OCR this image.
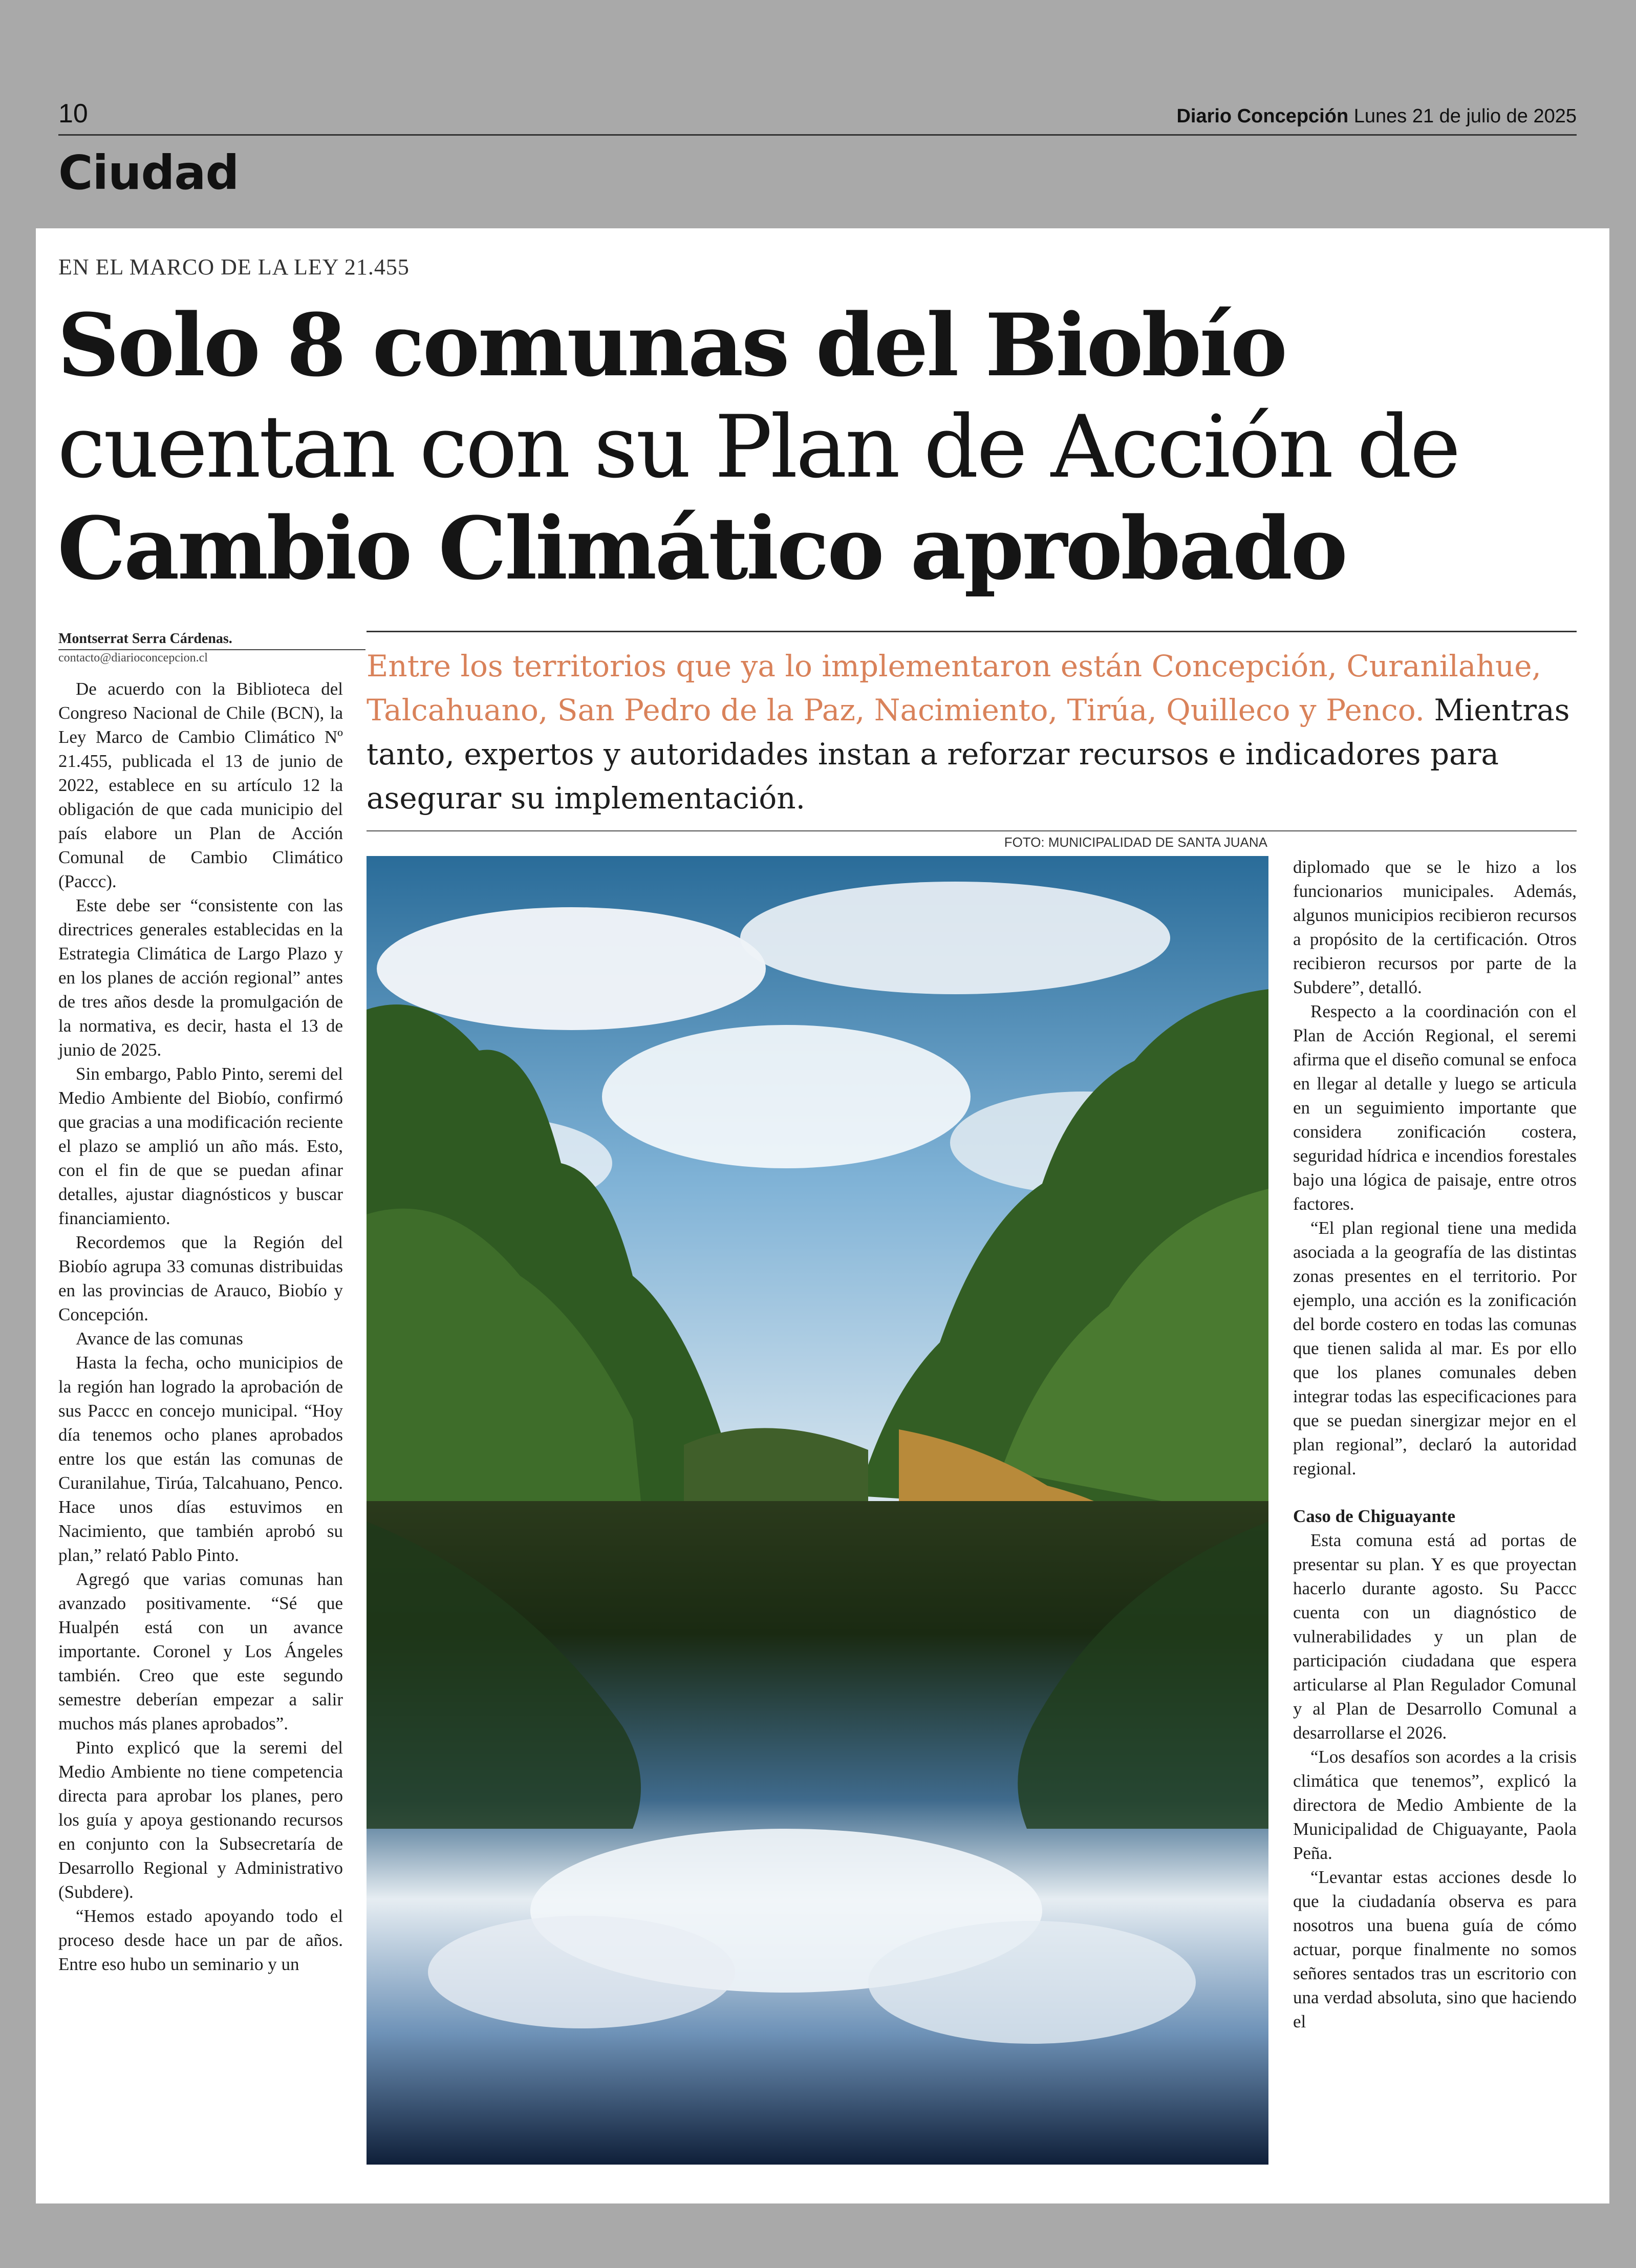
10	Diario Concepción Lunes 21 de julio de 2025
Ciudad
EN EL MARCO DE LA LEY 21.455
Solo 8 comunas del Biobío cuentan con su Plan de Acción de Cambio Climático aprobado
Montserrat Serra Cárdenas.
contacto@diarioconcepcion.cl	Entre los territorios que ya lo implementaron están Concepción, Curanilahue, Talcahuano, San Pedro de la Paz, Nacimiento, Tirúa, Quilleco y Penco. Mientras tanto, expertos y autoridades instan a reforzar recursos e indicadores para asegurar su implementación.
FOTO: MUNICIPALIDAD DE SANTA JUANA

De acuerdo con la Biblioteca del Congreso Nacional de Chile (BCN), la Ley Marco de Cambio Climático Nº 21.455, publicada el 13 de junio de 2022, establece en su artículo 12 la obligación de que cada municipio del país elabore un Plan de Acción Comunal de Cambio Climático (Paccc).

Este debe ser “consistente con las directrices generales establecidas en la Estrategia Climática de Largo Plazo y en los planes de acción regional” antes de tres años desde la promulgación de la normativa, es decir, hasta el 13 de junio de 2025.

Sin embargo, Pablo Pinto, seremi del Medio Ambiente del Biobío, confirmó que gracias a una modificación reciente el plazo se amplió un año más. Esto, con el fin de que se puedan afinar detalles, ajustar diagnósticos y buscar financiamiento.

Recordemos que la Región del Biobío agrupa 33 comunas distribuidas en las provincias de Arauco, Biobío y Concepción.

Avance de las comunas

Hasta la fecha, ocho municipios de la región han logrado la aprobación de sus Paccc en concejo municipal. “Hoy día tenemos ocho planes aprobados entre los que están las comunas de Curanilahue, Tirúa, Talcahuano, Penco. Hace unos días estuvimos en Nacimiento, que también aprobó su plan,” relató Pablo Pinto.

Agregó que varias comunas han avanzado positivamente. “Sé que Hualpén está con un avance importante. Coronel y Los Ángeles también. Creo que este segundo semestre deberían empezar a salir muchos más planes aprobados”.

Pinto explicó que la seremi del Medio Ambiente no tiene competencia directa para aprobar los planes, pero los guía y apoya gestionando recursos en conjunto con la Subsecretaría de Desarrollo Regional y Administrativo (Subdere).

“Hemos estado apoyando todo el proceso desde hace un par de años. Entre eso hubo un seminario y un

diplomado que se le hizo a los funcionarios municipales. Además, algunos municipios recibieron recursos a propósito de la certificación. Otros recibieron recursos por parte de la Subdere”, detalló.

Respecto a la coordinación con el Plan de Acción Regional, el seremi afirma que el diseño comunal se enfoca en llegar al detalle y luego se articula en un seguimiento importante que considera zonificación costera, seguridad hídrica e incendios forestales bajo una lógica de paisaje, entre otros factores.

“El plan regional tiene una medida asociada a la geografía de las distintas zonas presentes en el territorio. Por ejemplo, una acción es la zonificación del borde costero en todas las comunas que tienen salida al mar. Es por ello que los planes comunales deben integrar todas las especificaciones para que se puedan sinergizar mejor en el plan regional”, declaró la autoridad regional.

Caso de Chiguayante

Esta comuna está ad portas de presentar su plan. Y es que proyectan hacerlo durante agosto. Su Paccc cuenta con un diagnóstico de vulnerabilidades y un plan de participación ciudadana que espera articularse al Plan Regulador Comunal y al Plan de Desarrollo Comunal a desarrollarse el 2026.

“Los desafíos son acordes a la crisis climática que tenemos”, explicó la directora de Medio Ambiente de la Municipalidad de Chiguayante, Paola Peña.

“Levantar estas acciones desde lo que la ciudadanía observa es para nosotros una buena guía de cómo actuar, porque finalmente no somos señores sentados tras un escritorio con una verdad absoluta, sino que haciendo el
